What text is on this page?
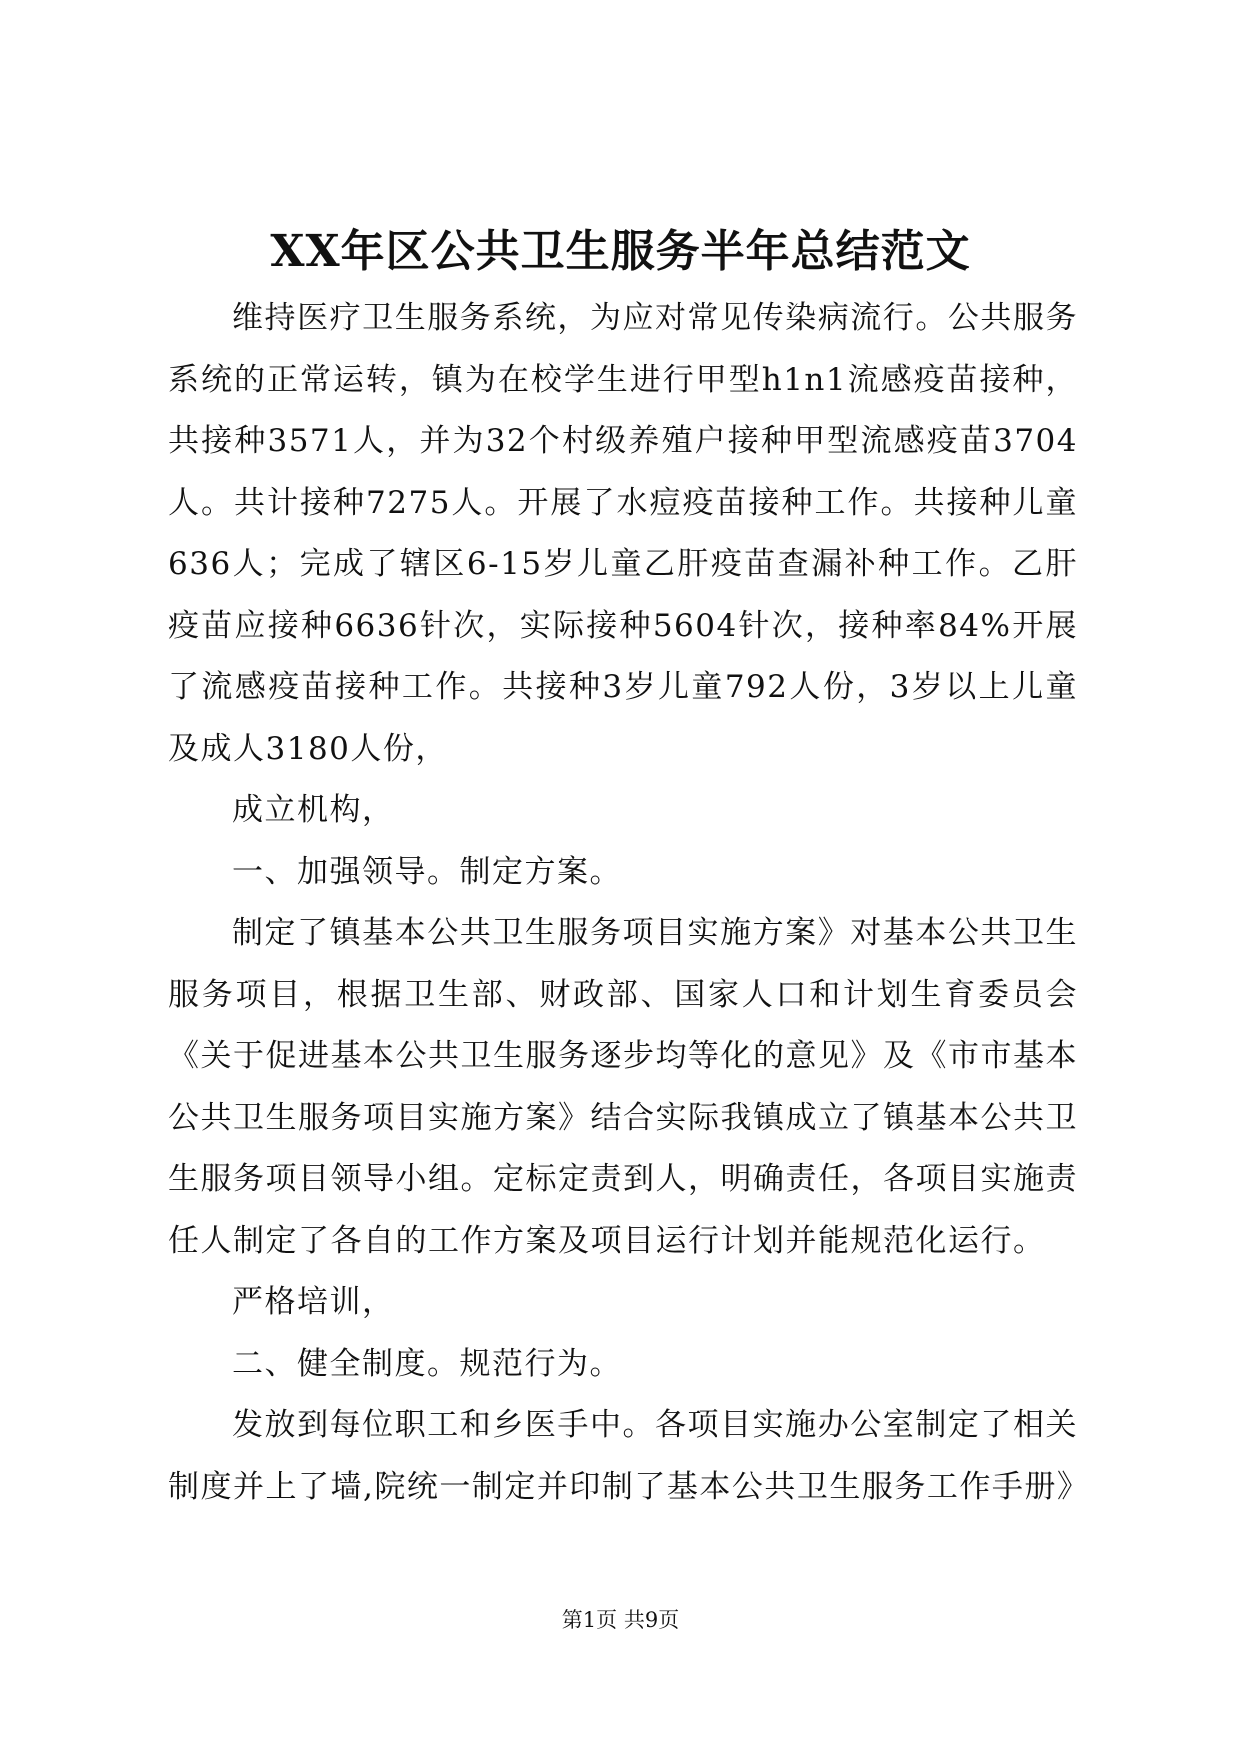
XX年区公共卫生服务半年总结范文

维持医疗卫生服务系统，为应对常见传染病流行。公共服务系统的正常运转，镇为在校学生进行甲型h1n1流感疫苗接种，共接种3571人，并为32个村级养殖户接种甲型流感疫苗3704人。共计接种7275人。开展了水痘疫苗接种工作。共接种儿童636人；完成了辖区6-15岁儿童乙肝疫苗查漏补种工作。乙肝疫苗应接种6636针次，实际接种5604针次，接种率84%开展了流感疫苗接种工作。共接种3岁儿童792人份，3岁以上儿童及成人3180人份，

成立机构，

一、加强领导。制定方案。

制定了镇基本公共卫生服务项目实施方案》对基本公共卫生服务项目，根据卫生部、财政部、国家人口和计划生育委员会《关于促进基本公共卫生服务逐步均等化的意见》及《市市基本公共卫生服务项目实施方案》结合实际我镇成立了镇基本公共卫生服务项目领导小组。定标定责到人，明确责任，各项目实施责任人制定了各自的工作方案及项目运行计划并能规范化运行。

严格培训，

二、健全制度。规范行为。

发放到每位职工和乡医手中。各项目实施办公室制定了相关制度并上了墙,院统一制定并印制了基本公共卫生服务工作手册》

第1页 共9页
